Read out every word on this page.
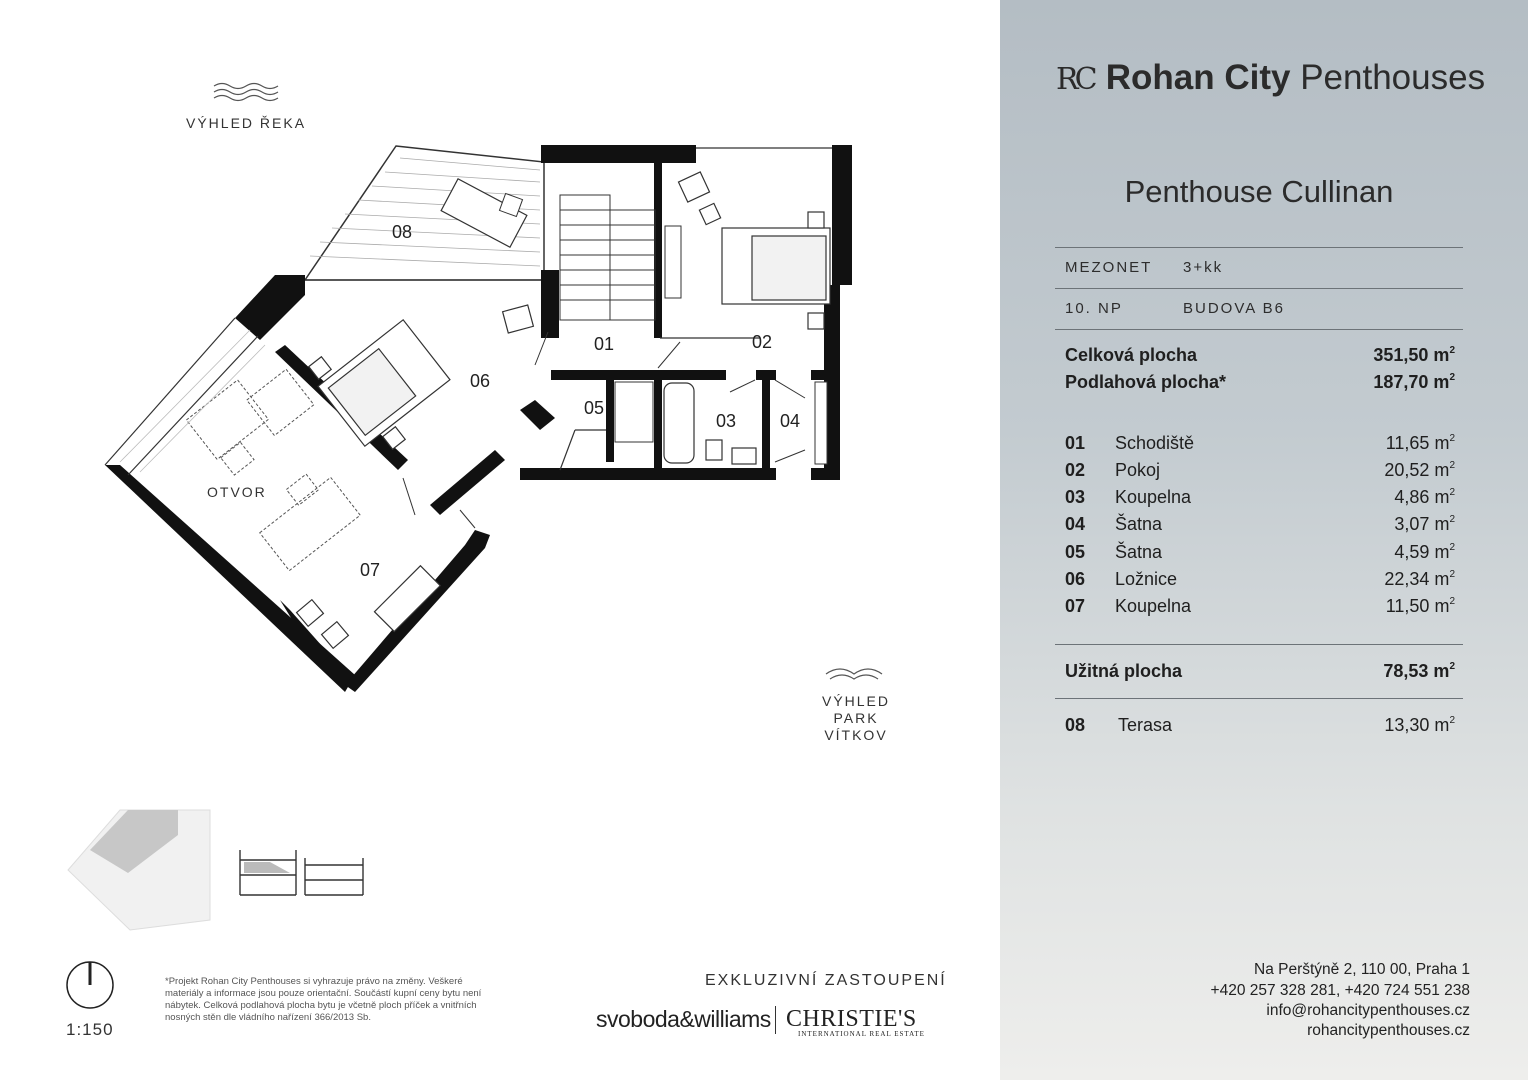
VÝHLED ŘEKA
VÝHLED
PARK VÍTKOV
08
01	02
06
05
03 04
07
OTVOR
*Projekt Rohan City Penthouses si vyhrazuje právo na změny. Veškeré materiály a informace jsou pouze orientační. Součástí kupní ceny bytu není nábytek. Celková podlahová plocha bytu je včetně ploch příček a vnitřních nosných stěn dle vládního nařízení 366/2013 Sb.
1:150
EXKLUZIVNÍ ZASTOUPENÍ
svoboda&williams CHRISTIE'S
INTERNATIONAL REAL ESTATE
RC Rohan City Penthouses
Penthouse Cullinan
MEZONET 3+kk
10. NP	BUDOVA B6
Celková plocha	351,50 $m^2$
Podlahová plocha*	187,70 $m^2$
01 Schodiště	11,65 $m^2$
02 Pokoj	20,52 $m^2$
03 Koupelna	4,86 $m^2$
04 Šatna	3,07 $m^2$
05 Šatna	4,59 $m^2$
06 Ložnice	22,34 $m^2$
07 Koupelna	11,50 $m^2$
Užitná plocha	78,53 $m^2$
08 Terasa	13,30 $m^2$
Na Perštýně 2, 110 00, Praha 1
+420 257 328 281, +420 724 551 238
info@rohancitypenthouses.cz
rohancitypenthouses.cz
